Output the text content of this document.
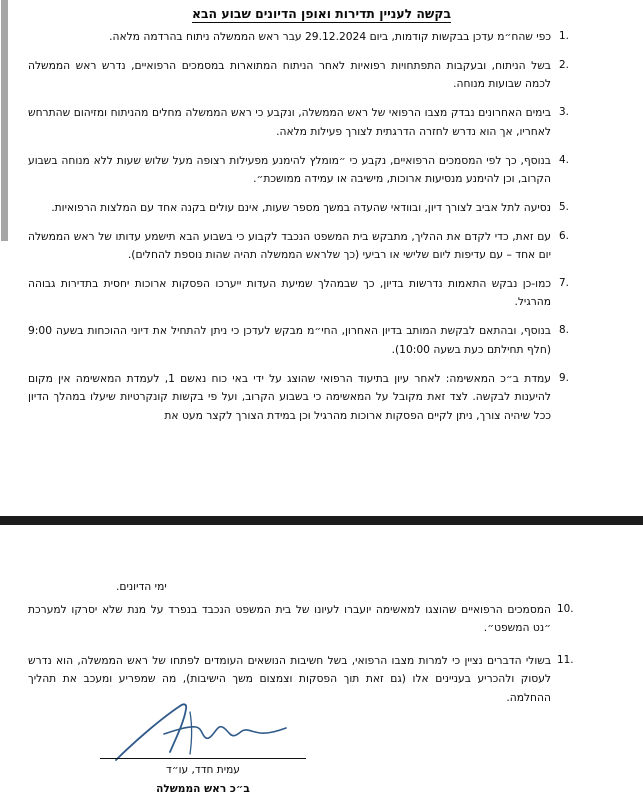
בקשה לעניין תדירות ואופן הדיונים שבוע הבא
1.
כפי שהח״מ עדכן בבקשות קודמות, ביום 29.12.2024 עבר ראש הממשלה ניתוח בהרדמה מלאה.
2.
בשל הניתוח, ובעקבות התפתחויות רפואיות לאחר הניתוח המתוארות במסמכים הרפואיים, נדרש ראש הממשלה לכמה שבועות מנוחה.
3.
בימים האחרונים נבדק מצבו הרפואי של ראש הממשלה, ונקבע כי ראש הממשלה מחלים מהניתוח ומזיהום שהתרחש לאחריו, אך הוא נדרש לחזרה הדרגתית לצורך פעילות מלאה.
4.
בנוסף, כך לפי המסמכים הרפואיים, נקבע כי ״מומלץ להימנע מפעילות רצופה מעל שלוש שעות ללא מנוחה בשבוע הקרוב, וכן להימנע מנסיעות ארוכות, מישיבה או עמידה ממושכת״.
5.
נסיעה לתל אביב לצורך דיון, ובוודאי שהעדה במשך מספר שעות, אינם עולים בקנה אחד עם המלצות הרפואיות.
6.
עם זאת, כדי לקדם את ההליך, מתבקש בית המשפט הנכבד לקבוע כי בשבוע הבא תישמע עדותו של ראש הממשלה יום אחד – עם עדיפות ליום שלישי או רביעי (כך שלראש הממשלה תהיה שהות נוספת להחלים).
7.
כמו-כן נבקש התאמות נדרשות בדיון, כך שבמהלך שמיעת העדות ייערכו הפסקות ארוכות יחסית בתדירות גבוהה מהרגיל.
8.
בנוסף, ובהתאם לבקשת המותב בדיון האחרון, החי״מ מבקש לעדכן כי ניתן להתחיל את דיוני ההוכחות בשעה 9:00 (חלף תחילתם כעת בשעה 10:00).
9.
עמדת ב״כ המאשימה: לאחר עיון בתיעוד הרפואי שהוצג על ידי באי כוח נאשם 1, לעמדת המאשימה אין מקום להיענות לבקשה. לצד זאת מקובל על המאשימה כי בשבוע הקרוב, ועל פי בקשות קונקרטיות שיעלו במהלך הדיון ככל שיהיה צורך, ניתן לקיים הפסקות ארוכות מהרגיל וכן במידת הצורך לקצר מעט את
ימי הדיונים.
10.
המסמכים הרפואיים שהוצגו למאשימה יועברו לעיונו של בית המשפט הנכבד בנפרד על מנת שלא יסרקו למערכת ״נט המשפט״.
11.
בשולי הדברים נציין כי למרות מצבו הרפואי, בשל חשיבות הנושאים העומדים לפתחו של ראש הממשלה, הוא נדרש לעסוק ולהכריע בעניינים אלו (גם זאת תוך הפסקות וצמצום משך הישיבות), מה שמפריע ומעכב את תהליך ההחלמה.
עמית חדד, עו״ד
ב״כ ראש הממשלה
